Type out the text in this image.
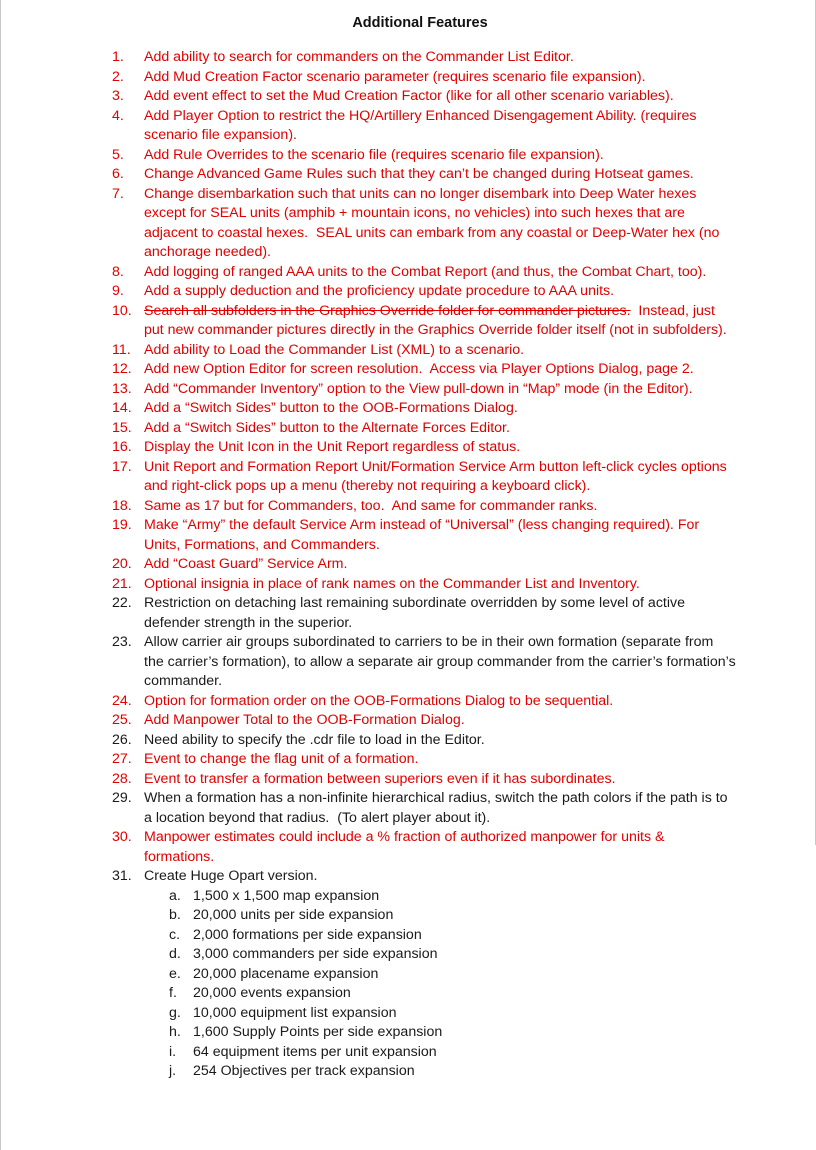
Additional Features
1.	Add ability to search for commanders on the Commander List Editor.
2.	Add Mud Creation Factor scenario parameter (requires scenario file expansion).
3.	Add event effect to set the Mud Creation Factor (like for all other scenario variables).
4.	Add Player Option to restrict the HQ/Artillery Enhanced Disengagement Ability. (requires scenario file expansion).
5.	Add Rule Overrides to the scenario file (requires scenario file expansion).
6.	Change Advanced Game Rules such that they can’t be changed during Hotseat games.
7.	Change disembarkation such that units can no longer disembark into Deep Water hexes except for SEAL units (amphib + mountain icons, no vehicles) into such hexes that are adjacent to coastal hexes.  SEAL units can embark from any coastal or Deep-Water hex (no anchorage needed).
8.	Add logging of ranged AAA units to the Combat Report (and thus, the Combat Chart, too).
9.	Add a supply deduction and the proficiency update procedure to AAA units.
10. Search all subfolders in the Graphics Override folder for commander pictures.  Instead, just put new commander pictures directly in the Graphics Override folder itself (not in subfolders).
11. Add ability to Load the Commander List (XML) to a scenario.
12. Add new Option Editor for screen resolution.  Access via Player Options Dialog, page 2.
13. Add “Commander Inventory” option to the View pull-down in “Map” mode (in the Editor).
14. Add a “Switch Sides” button to the OOB-Formations Dialog.
15. Add a “Switch Sides” button to the Alternate Forces Editor.
16. Display the Unit Icon in the Unit Report regardless of status.
17. Unit Report and Formation Report Unit/Formation Service Arm button left-click cycles options and right-click pops up a menu (thereby not requiring a keyboard click).
18. Same as 17 but for Commanders, too.  And same for commander ranks.
19. Make “Army” the default Service Arm instead of “Universal” (less changing required). For Units, Formations, and Commanders.
20. Add “Coast Guard” Service Arm.
21. Optional insignia in place of rank names on the Commander List and Inventory.
22. Restriction on detaching last remaining subordinate overridden by some level of active defender strength in the superior.
23. Allow carrier air groups subordinated to carriers to be in their own formation (separate from the carrier’s formation), to allow a separate air group commander from the carrier’s formation’s commander.
24. Option for formation order on the OOB-Formations Dialog to be sequential.
25. Add Manpower Total to the OOB-Formation Dialog.
26. Need ability to specify the .cdr file to load in the Editor.
27. Event to change the flag unit of a formation.
28. Event to transfer a formation between superiors even if it has subordinates.
29. When a formation has a non-infinite hierarchical radius, switch the path colors if the path is to a location beyond that radius.  (To alert player about it).
30. Manpower estimates could include a % fraction of authorized manpower for units & formations.
31. Create Huge Opart version.
a. 1,500 x 1,500 map expansion
b. 20,000 units per side expansion
c. 2,000 formations per side expansion
d. 3,000 commanders per side expansion
e. 20,000 placename expansion
f.	20,000 events expansion
g. 10,000 equipment list expansion
h. 1,600 Supply Points per side expansion
i.	64 equipment items per unit expansion
j.	254 Objectives per track expansion
